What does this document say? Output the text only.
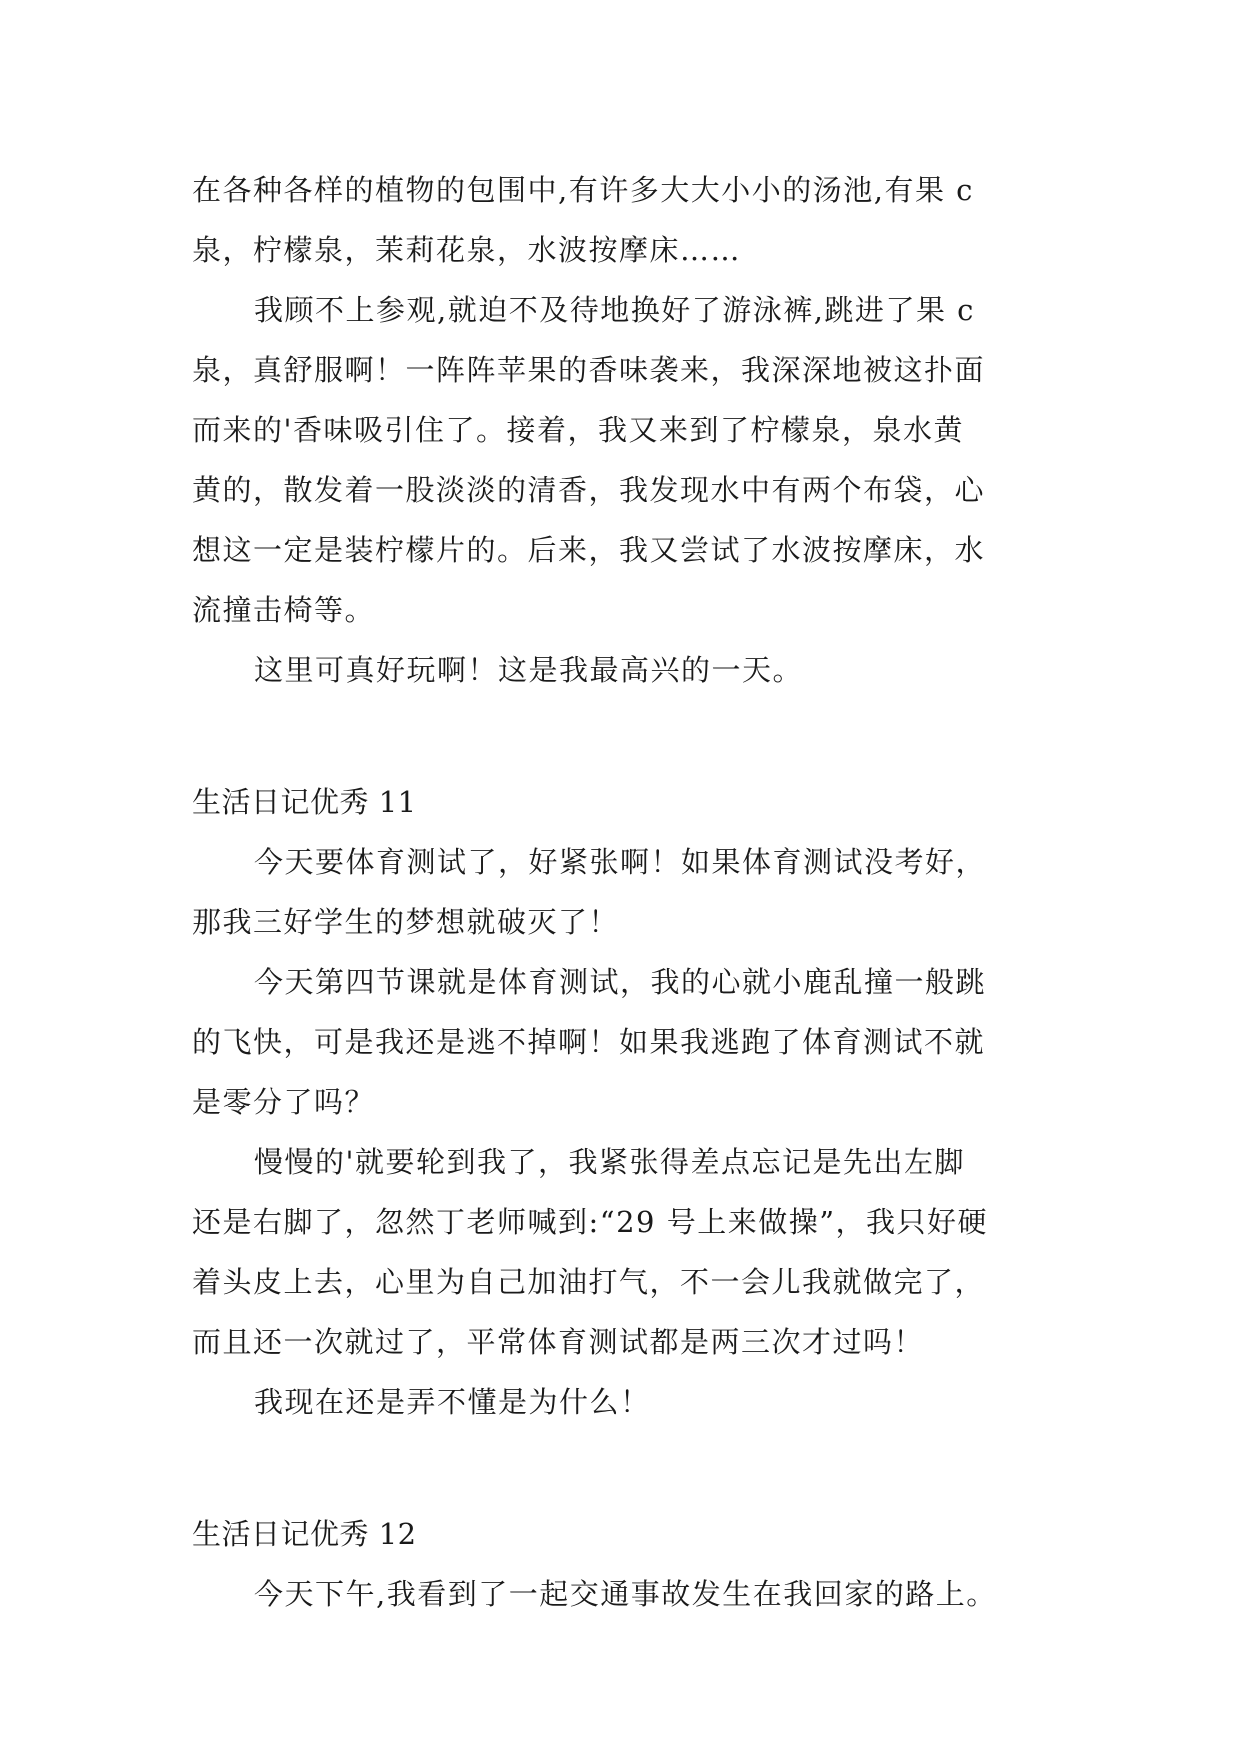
在各种各样的植物的包围中,有许多大大小小的汤池,有果 c
泉，柠檬泉，茉莉花泉，水波按摩床……
我顾不上参观,就迫不及待地换好了游泳裤,跳进了果 c
泉，真舒服啊！一阵阵苹果的香味袭来，我深深地被这扑面
而来的'香味吸引住了。接着，我又来到了柠檬泉，泉水黄
黄的，散发着一股淡淡的清香，我发现水中有两个布袋，心
想这一定是装柠檬片的。后来，我又尝试了水波按摩床，水
流撞击椅等。
这里可真好玩啊！这是我最高兴的一天。
生活日记优秀 11
今天要体育测试了，好紧张啊！如果体育测试没考好，
那我三好学生的梦想就破灭了！
今天第四节课就是体育测试，我的心就小鹿乱撞一般跳
的飞快，可是我还是逃不掉啊！如果我逃跑了体育测试不就
是零分了吗？
慢慢的'就要轮到我了，我紧张得差点忘记是先出左脚
还是右脚了，忽然丁老师喊到:“29 号上来做操”，我只好硬
着头皮上去，心里为自己加油打气，不一会儿我就做完了，
而且还一次就过了，平常体育测试都是两三次才过吗！
我现在还是弄不懂是为什么！
生活日记优秀 12
今天下午,我看到了一起交通事故发生在我回家的路上。
